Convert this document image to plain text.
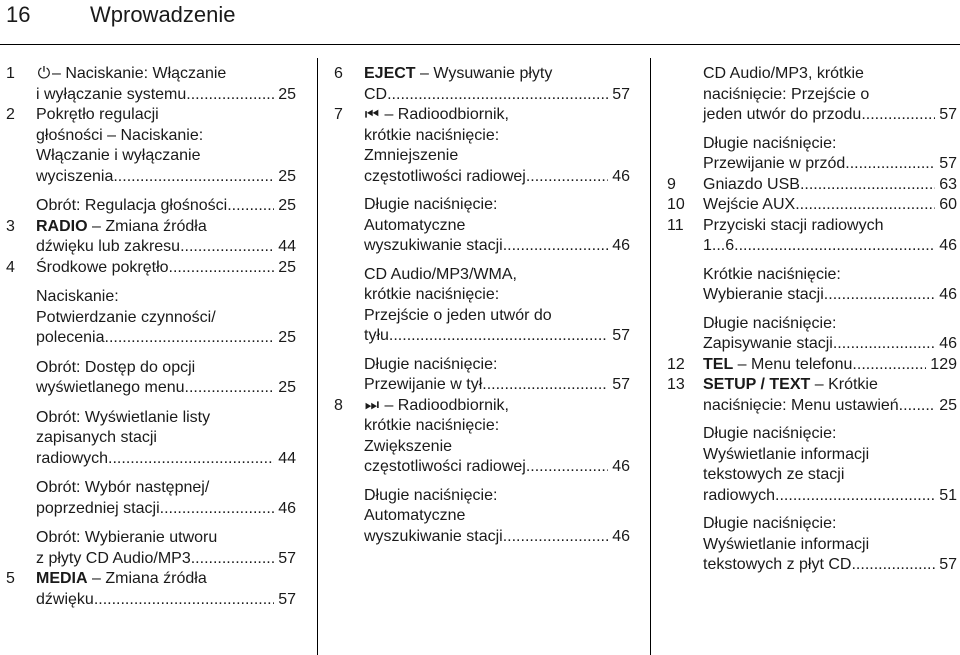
16	Wprowadzenie
1 ⏻ – Naciskanie: Włączanie
i wyłączanie systemu .....	25
2 Pokrętło regulacji
głośności – Naciskanie:
Włączanie i wyłączanie
wyciszenia .....	25
Obrót: Regulacja głośności .....	25
3 RADIO – Zmiana źródła
dźwięku lub zakresu .....	44
4 Środkowe pokrętło .....	25
Naciskanie:
Potwierdzanie czynności/
polecenia .....	25
Obrót: Dostęp do opcji
wyświetlanego menu .....	25
Obrót: Wyświetlanie listy
zapisanych stacji
radiowych .....	44
Obrót: Wybór następnej/
poprzedniej stacji .....	46
Obrót: Wybieranie utworu
z płyty CD Audio/MP3 .....	57
5 MEDIA – Zmiana źródła
dźwięku .....	57
6 EJECT – Wysuwanie płyty
CD .....	57
7 ⏮ – Radioodbiornik,
krótkie naciśnięcie:
Zmniejszenie
częstotliwości radiowej .....	46
Długie naciśnięcie:
Automatyczne
wyszukiwanie stacji .....	46
CD Audio/MP3/WMA,
krótkie naciśnięcie:
Przejście o jeden utwór do
tyłu .....	57
Długie naciśnięcie:
Przewijanie w tył .....	57
8 ⏭ – Radioodbiornik,
krótkie naciśnięcie:
Zwiększenie
częstotliwości radiowej .....	46
Długie naciśnięcie:
Automatyczne
wyszukiwanie stacji .....	46
CD Audio/MP3, krótkie
naciśnięcie: Przejście o
jeden utwór do przodu .....	57
Długie naciśnięcie:
Przewijanie w przód .....	57
9 Gniazdo USB .....	63
10 Wejście AUX .....	60
11 Przyciski stacji radiowych
1...6 .....	46
Krótkie naciśnięcie:
Wybieranie stacji .....	46
Długie naciśnięcie:
Zapisywanie stacji .....	46
12 TEL – Menu telefonu .....	129
13 SETUP / TEXT – Krótkie
naciśnięcie: Menu ustawień .....	25
Długie naciśnięcie:
Wyświetlanie informacji
tekstowych ze stacji
radiowych .....	51
Długie naciśnięcie:
Wyświetlanie informacji
tekstowych z płyt CD .....	57
